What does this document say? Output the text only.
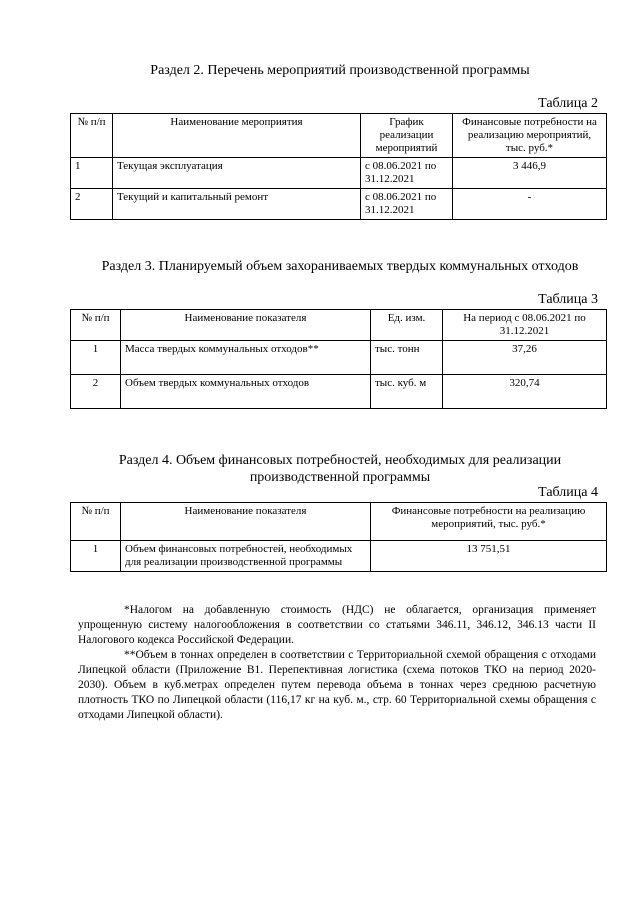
Раздел 2. Перечень мероприятий производственной программы
Таблица 2
№ п/п	Наименование мероприятия	График реализации мероприятий	Финансовые потребности на реализацию мероприятий, тыс. руб.*
1	Текущая эксплуатация	с 08.06.2021 по 31.12.2021	3 446,9
2	Текущий и капитальный ремонт	с 08.06.2021 по 31.12.2021	-
Раздел 3. Планируемый объем захораниваемых твердых коммунальных отходов
Таблица 3
№ п/п	Наименование показателя	Ед. изм.	На период с 08.06.2021 по 31.12.2021
1	Масса твердых коммунальных отходов**	тыс. тонн	37,26
2	Объем твердых коммунальных отходов	тыс. куб. м	320,74
Раздел 4. Объем финансовых потребностей, необходимых для реализации производственной программы
Таблица 4
№ п/п	Наименование показателя	Финансовые потребности на реализацию мероприятий, тыс. руб.*
1	Объем финансовых потребностей, необходимых для реализации производственной программы	13 751,51

*Налогом на добавленную стоимость (НДС) не облагается, организация применяет упрощенную систему налогообложения в соответствии со статьями 346.11, 346.12, 346.13 части II Налогового кодекса Российской Федерации.

**Объем в тоннах определен в соответствии с Территориальной схемой обращения с отходами Липецкой области (Приложение В1. Перепективная логистика (схема потоков ТКО на период 2020-2030). Объем в куб.метрах определен путем перевода объема в тоннах через среднюю расчетную плотность ТКО по Липецкой области (116,17 кг на куб. м., стр. 60 Территориальной схемы обращения с отходами Липецкой области).
